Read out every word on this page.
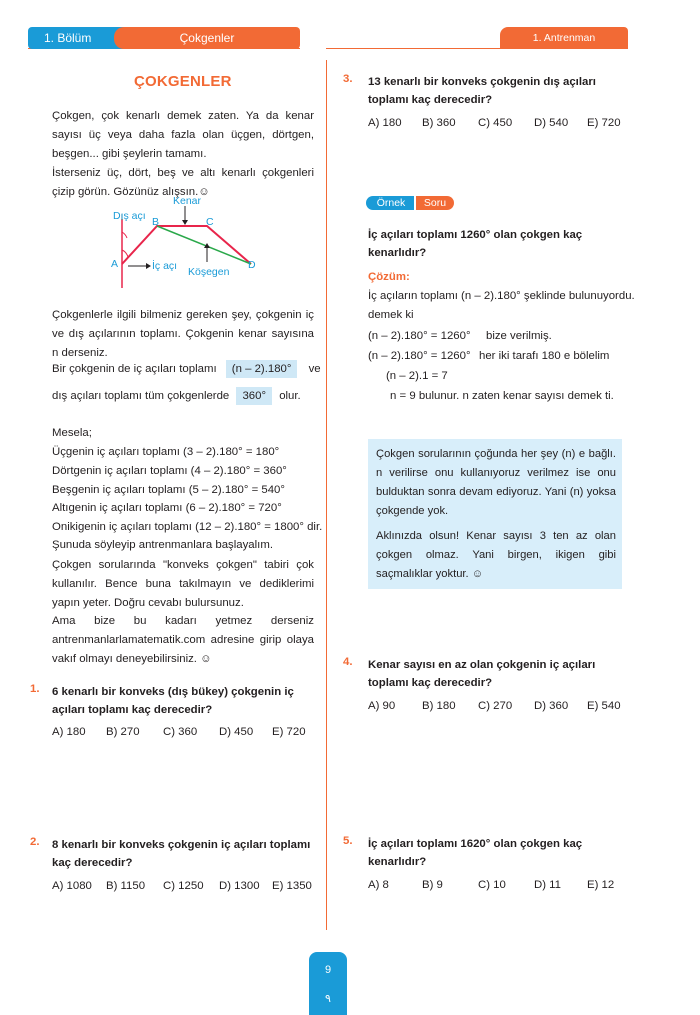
1. Bölüm	Çokgenler	1. Antrenman
ÇOKGENLER

Çokgen, çok kenarlı demek zaten. Ya da kenar sayısı üç veya daha fazla olan üçgen, dörtgen, beşgen... gibi şeylerin tamamı.

İsterseniz üç, dört, beş ve altı kenarlı çokgenleri çizip görün. Gözünüz alışsın.☺

Kenar
Dış açı B	C
A	İç açı Köşegen
D

Çokgenlerle ilgili bilmeniz gereken şey, çokgenin iç ve dış açılarının toplamı. Çokgenin kenar sayısına n derseniz.

Bir çokgenin de iç açıları toplamı (n – 2).180° ve
dış açıları toplamı tüm çokgenlerde 360° olur.
Mesela;
Üçgenin iç açıları toplamı (3 – 2).180° = 180°
Dörtgenin iç açıları toplamı (4 – 2).180° = 360°
Beşgenin iç açıları toplamı (5 – 2).180° = 540°
Altıgenin iç açıları toplamı (6 – 2).180° = 720°
Onikigenin iç açıları toplamı (12 – 2).180° = 1800° dir.
Şunuda söyleyip antrenmanlara başlayalım.

Çokgen sorularında "konveks çokgen" tabiri çok kullanılır. Bence buna takılmayın ve dediklerimi yapın yeter. Doğru cevabı bulursunuz.

Ama bize bu kadarı yetmez derseniz antrenmanlarlamatematik.com adresine girip olaya vakıf olmayı deneyebilirsiniz. ☺

1. 6 kenarlı bir konveks (dış bükey) çokgenin iç açıları toplamı kaç derecedir?
A) 180 B) 270 C) 360 D) 450 E) 720
2. 8 kenarlı bir konveks çokgenin iç açıları toplamı kaç derecedir?
A) 1080 B) 1150 C) 1250 D) 1300 E) 1350
3. 13 kenarlı bir konveks çokgenin dış açıları toplamı kaç derecedir?
A) 180 B) 360 C) 450 D) 540 E) 720
Örnek	Soru
İç açıları toplamı 1260° olan çokgen kaç kenarlıdır?
Çözüm:
İç açıların toplamı (n – 2).180° şeklinde bulunuyordu.
demek ki
(n – 2).180° = 1260° bize verilmiş.
(n – 2).180° = 1260° her iki tarafı 180 e bölelim
(n – 2).1 = 7
n = 9 bulunur. n zaten kenar sayısı demek ti.

Çokgen sorularının çoğunda her şey (n) e bağlı. n verilirse onu kullanıyoruz verilmez ise onu bulduktan sonra devam ediyoruz. Yani (n) yoksa çokgende yok.

Aklınızda olsun! Kenar sayısı 3 ten az olan çokgen olmaz. Yani birgen, ikigen gibi saçmalıklar yoktur. ☺

4. Kenar sayısı en az olan çokgenin iç açıları toplamı kaç derecedir?
A) 90 B) 180 C) 270 D) 360 E) 540
5. İç açıları toplamı 1620° olan çokgen kaç kenarlıdır?
A) 8	B) 9	C) 10 D) 11 E) 12
9
٩
